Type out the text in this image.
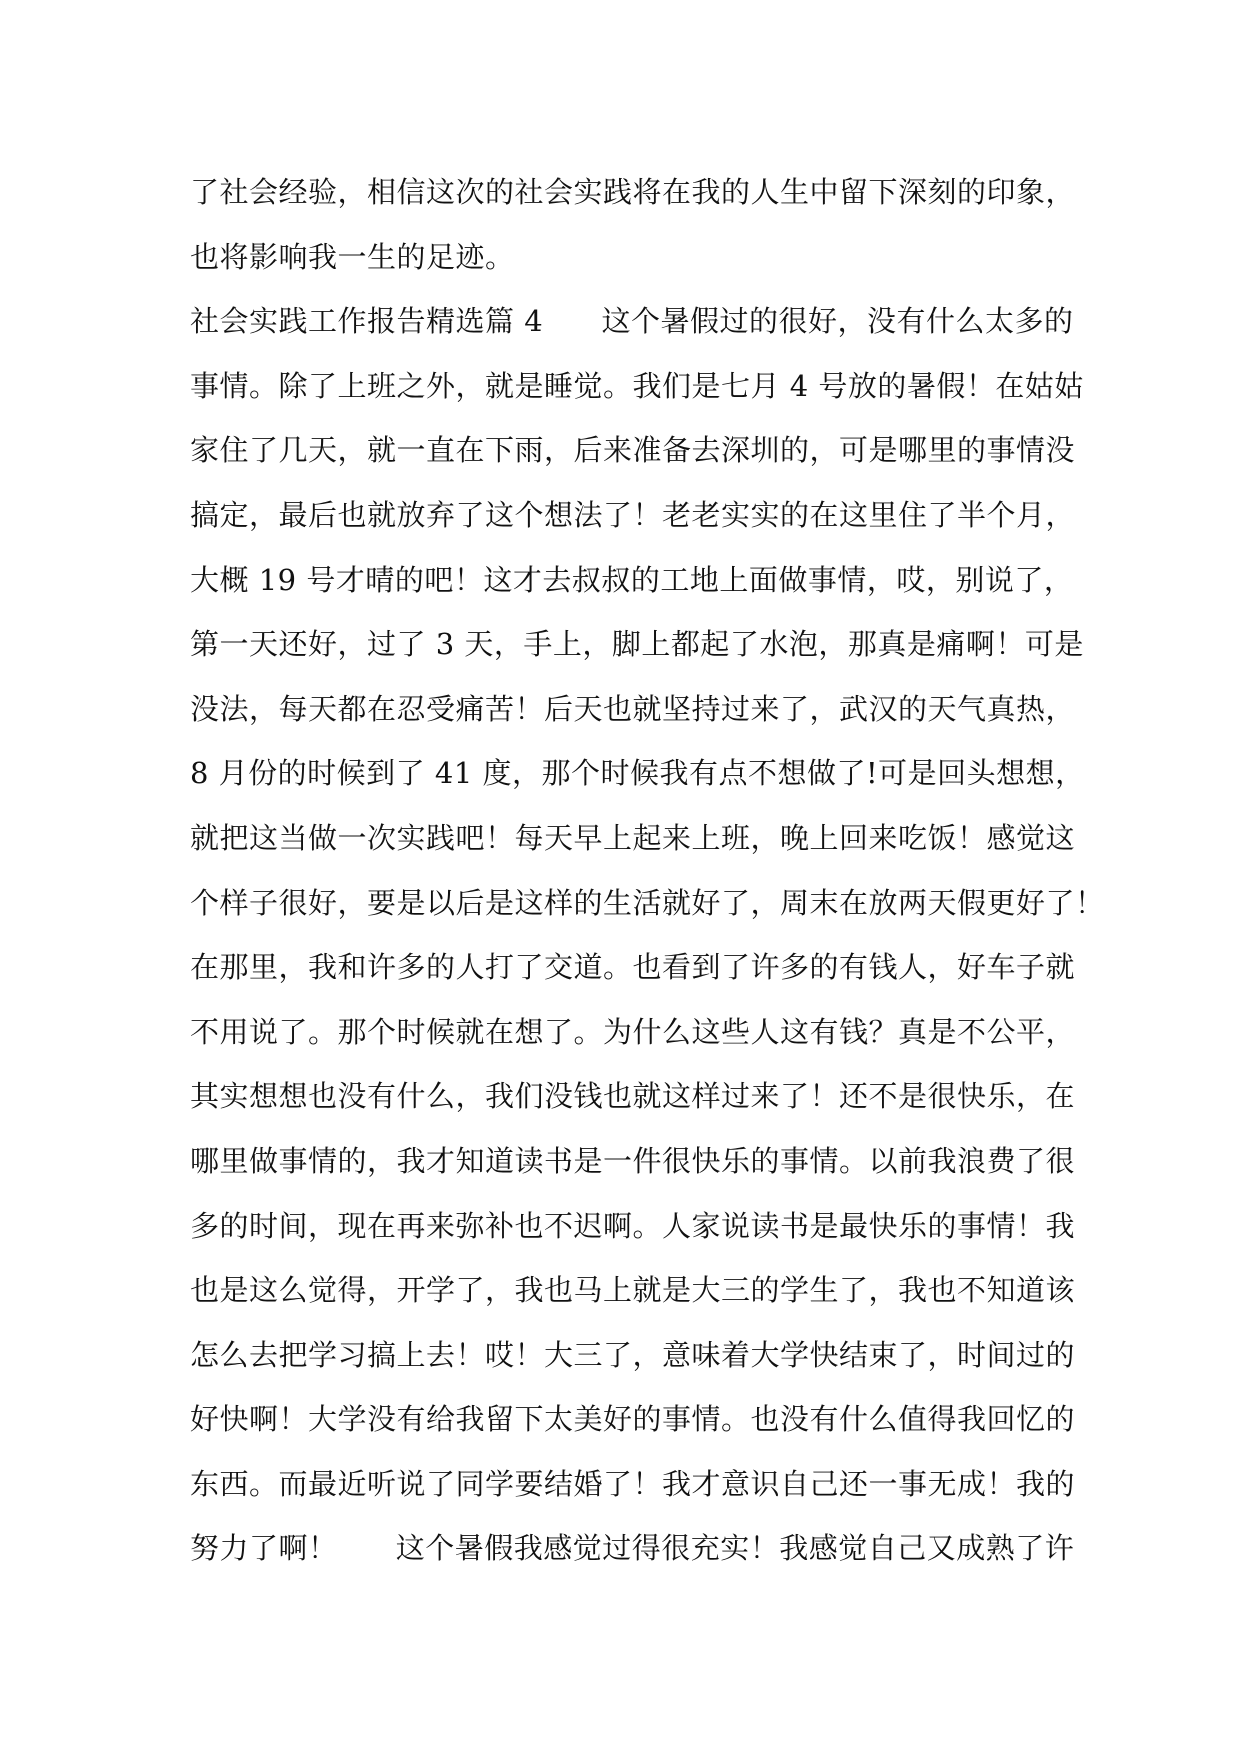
了社会经验，相信这次的社会实践将在我的人生中留下深刻的印象，
也将影响我一生的足迹。
社会实践工作报告精选篇 4      这个暑假过的很好，没有什么太多的
事情。除了上班之外，就是睡觉。我们是七月 4 号放的暑假！在姑姑
家住了几天，就一直在下雨，后来准备去深圳的，可是哪里的事情没
搞定，最后也就放弃了这个想法了！老老实实的在这里住了半个月，
大概 19 号才晴的吧！这才去叔叔的工地上面做事情，哎，别说了，
第一天还好，过了 3 天，手上，脚上都起了水泡，那真是痛啊！可是
没法，每天都在忍受痛苦！后天也就坚持过来了，武汉的天气真热，
8 月份的时候到了 41 度，那个时候我有点不想做了!可是回头想想，
就把这当做一次实践吧！每天早上起来上班，晚上回来吃饭！感觉这
个样子很好，要是以后是这样的生活就好了，周末在放两天假更好了！
在那里，我和许多的人打了交道。也看到了许多的有钱人，好车子就
不用说了。那个时候就在想了。为什么这些人这有钱？真是不公平，
其实想想也没有什么，我们没钱也就这样过来了！还不是很快乐，在
哪里做事情的，我才知道读书是一件很快乐的事情。以前我浪费了很
多的时间，现在再来弥补也不迟啊。人家说读书是最快乐的事情！我
也是这么觉得，开学了，我也马上就是大三的学生了，我也不知道该
怎么去把学习搞上去！哎！大三了，意味着大学快结束了，时间过的
好快啊！大学没有给我留下太美好的事情。也没有什么值得我回忆的
东西。而最近听说了同学要结婚了！我才意识自己还一事无成！我的
努力了啊！      这个暑假我感觉过得很充实！我感觉自己又成熟了许
